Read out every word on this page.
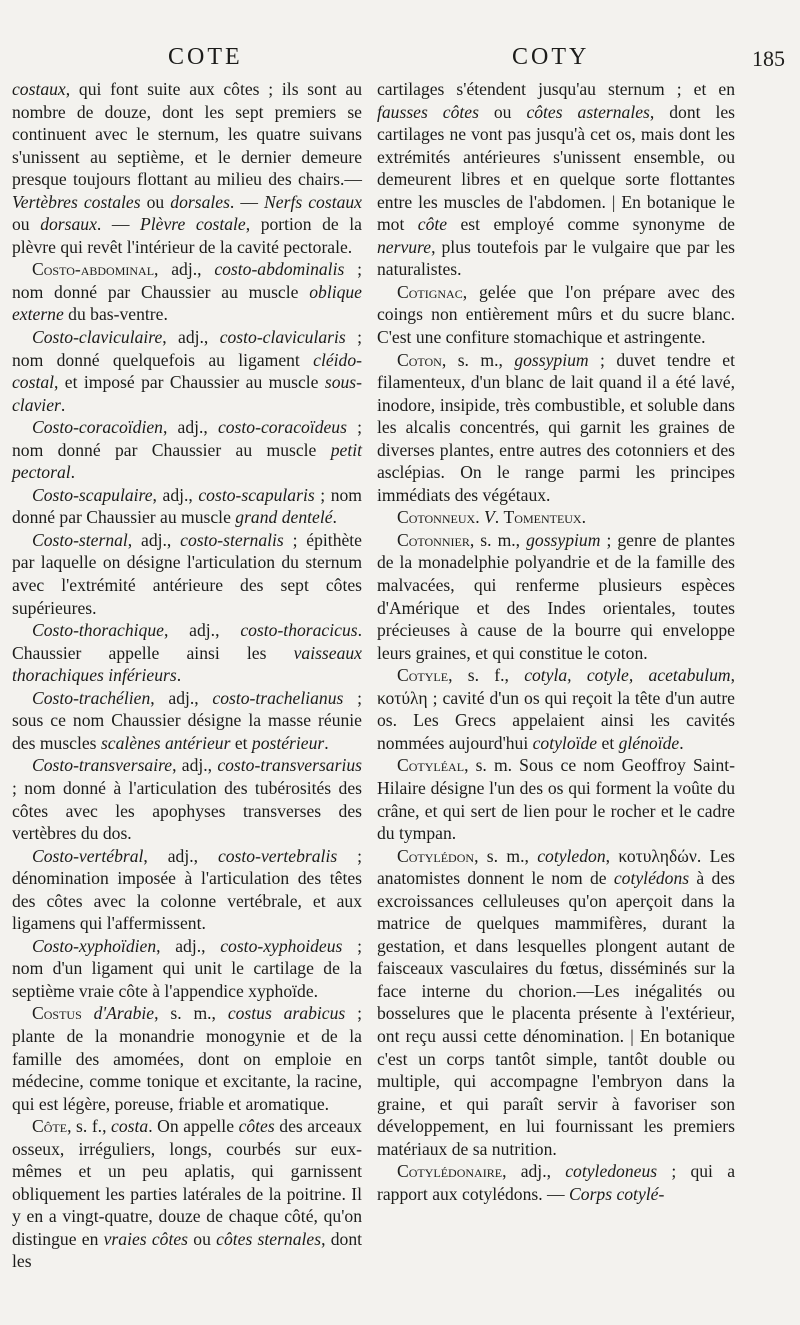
COTE	COTY	185

costaux, qui font suite aux côtes ; ils sont au nombre de douze, dont les sept premiers se continuent avec le sternum, les quatre suivans s'unissent au septième, et le dernier demeure presque toujours flottant au milieu des chairs.—Vertèbres costales ou dorsales. — Nerfs costaux ou dorsaux. — Plèvre costale, portion de la plèvre qui revêt l'intérieur de la cavité pectorale.

Costo-abdominal, adj., costo-abdominalis ; nom donné par Chaussier au muscle oblique externe du bas-ventre.

Costo-claviculaire, adj., costo-clavicularis ; nom donné quelquefois au ligament cléido-costal, et imposé par Chaussier au muscle sous-clavier.

Costo-coracoïdien, adj., costo-coracoïdeus ; nom donné par Chaussier au muscle petit pectoral.

Costo-scapulaire, adj., costo-scapularis ; nom donné par Chaussier au muscle grand dentelé.

Costo-sternal, adj., costo-sternalis ; épithète par laquelle on désigne l'articulation du sternum avec l'extrémité antérieure des sept côtes supérieures.

Costo-thorachique, adj., costo-thoracicus. Chaussier appelle ainsi les vaisseaux thorachiques inférieurs.

Costo-trachélien, adj., costo-trachelianus ; sous ce nom Chaussier désigne la masse réunie des muscles scalènes antérieur et postérieur.

Costo-transversaire, adj., costo-transversarius ; nom donné à l'articulation des tubérosités des côtes avec les apophyses transverses des vertèbres du dos.

Costo-vertébral, adj., costo-vertebralis ; dénomination imposée à l'articulation des têtes des côtes avec la colonne vertébrale, et aux ligamens qui l'affermissent.

Costo-xyphoïdien, adj., costo-xyphoideus ; nom d'un ligament qui unit le cartilage de la septième vraie côte à l'appendice xyphoïde.

Costus d'Arabie, s. m., costus arabicus ; plante de la monandrie monogynie et de la famille des amomées, dont on emploie en médecine, comme tonique et excitante, la racine, qui est légère, poreuse, friable et aromatique.

Côte, s. f., costa. On appelle côtes des arceaux osseux, irréguliers, longs, courbés sur eux-mêmes et un peu aplatis, qui garnissent obliquement les parties latérales de la poitrine. Il y en a vingt-quatre, douze de chaque côté, qu'on distingue en vraies côtes ou côtes sternales, dont les

cartilages s'étendent jusqu'au sternum ; et en fausses côtes ou côtes asternales, dont les cartilages ne vont pas jusqu'à cet os, mais dont les extrémités antérieures s'unissent ensemble, ou demeurent libres et en quelque sorte flottantes entre les muscles de l'abdomen. | En botanique le mot côte est employé comme synonyme de nervure, plus toutefois par le vulgaire que par les naturalistes.

Cotignac, gelée que l'on prépare avec des coings non entièrement mûrs et du sucre blanc. C'est une confiture stomachique et astringente.

Coton, s. m., gossypium ; duvet tendre et filamenteux, d'un blanc de lait quand il a été lavé, inodore, insipide, très combustible, et soluble dans les alcalis concentrés, qui garnit les graines de diverses plantes, entre autres des cotonniers et des asclépias. On le range parmi les principes immédiats des végétaux.

Cotonneux. V. Tomenteux.

Cotonnier, s. m., gossypium ; genre de plantes de la monadelphie polyandrie et de la famille des malvacées, qui renferme plusieurs espèces d'Amérique et des Indes orientales, toutes précieuses à cause de la bourre qui enveloppe leurs graines, et qui constitue le coton.

Cotyle, s. f., cotyla, cotyle, acetabulum, κοτύλη ; cavité d'un os qui reçoit la tête d'un autre os. Les Grecs appelaient ainsi les cavités nommées aujourd'hui cotyloïde et glénoïde.

Cotyléal, s. m. Sous ce nom Geoffroy Saint-Hilaire désigne l'un des os qui forment la voûte du crâne, et qui sert de lien pour le rocher et le cadre du tympan.

Cotylédon, s. m., cotyledon, κοτυληδών. Les anatomistes donnent le nom de cotylédons à des excroissances celluleuses qu'on aperçoit dans la matrice de quelques mammifères, durant la gestation, et dans lesquelles plongent autant de faisceaux vasculaires du fœtus, disséminés sur la face interne du chorion.—Les inégalités ou bosselures que le placenta présente à l'extérieur, ont reçu aussi cette dénomination. | En botanique c'est un corps tantôt simple, tantôt double ou multiple, qui accompagne l'embryon dans la graine, et qui paraît servir à favoriser son développement, en lui fournissant les premiers matériaux de sa nutrition.

Cotylédonaire, adj., cotyledoneus ; qui a rapport aux cotylédons. — Corps cotylé-
